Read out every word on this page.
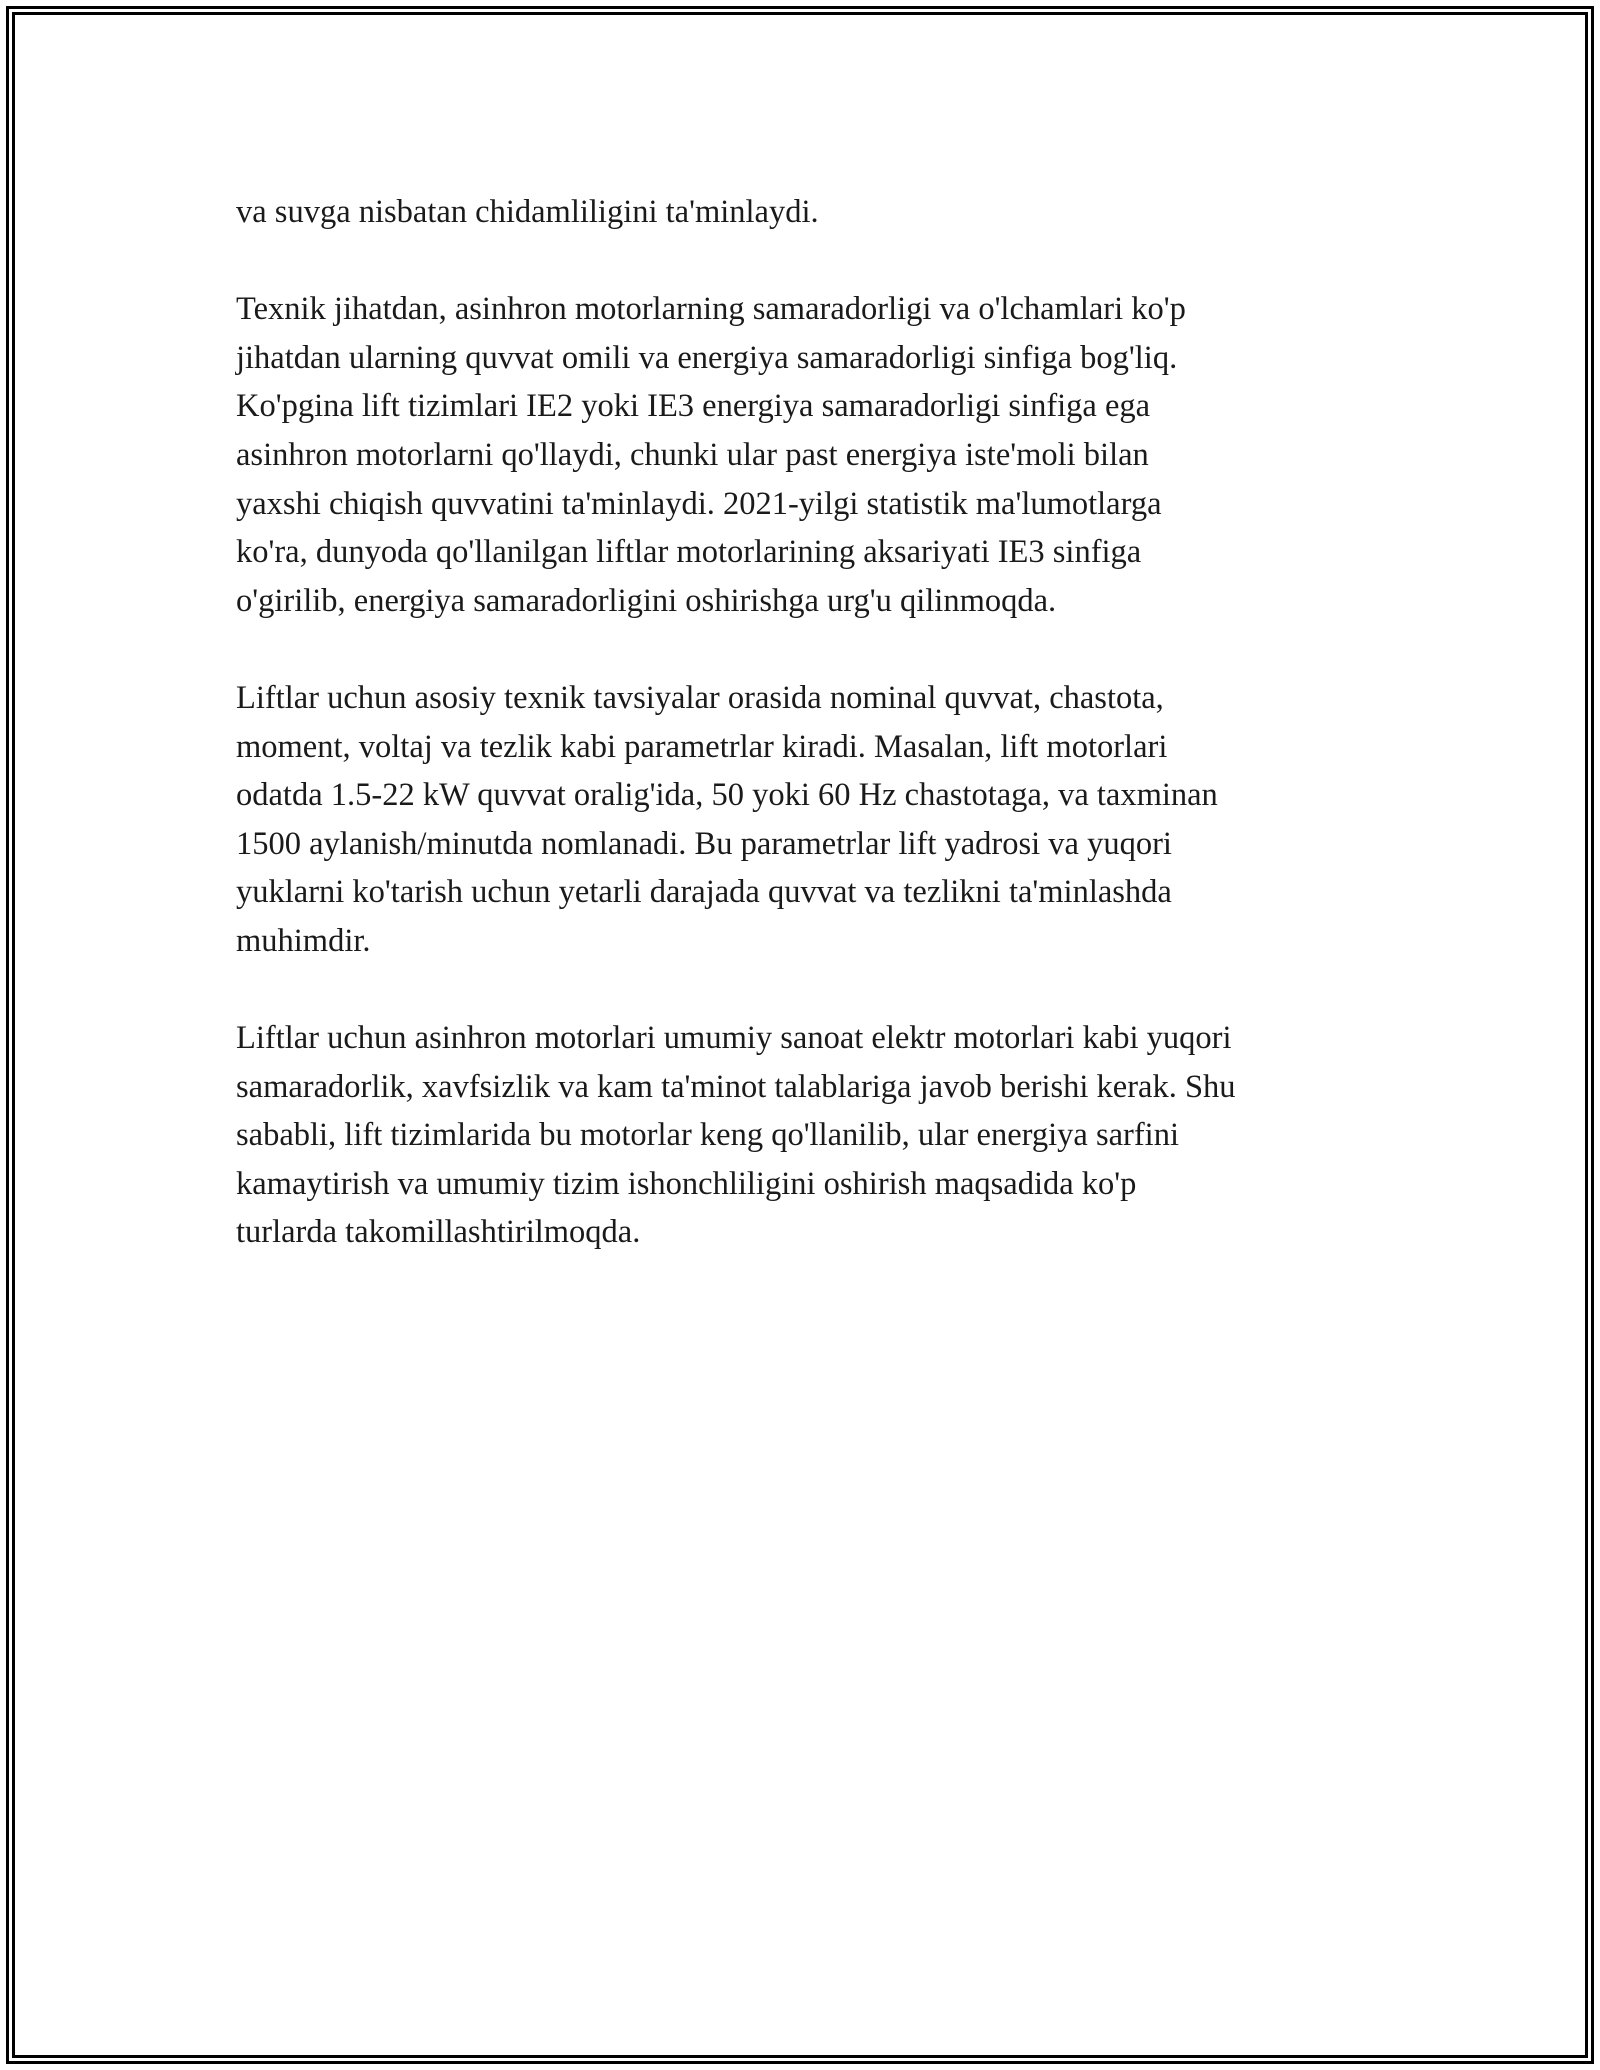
va suvga nisbatan chidamliligini ta'minlaydi.

Texnik jihatdan, asinhron motorlarning samaradorligi va o'lchamlari ko'p
jihatdan ularning quvvat omili va energiya samaradorligi sinfiga bog'liq.
Ko'pgina lift tizimlari IE2 yoki IE3 energiya samaradorligi sinfiga ega
asinhron motorlarni qo'llaydi, chunki ular past energiya iste'moli bilan
yaxshi chiqish quvvatini ta'minlaydi. 2021-yilgi statistik ma'lumotlarga
ko'ra, dunyoda qo'llanilgan liftlar motorlarining aksariyati IE3 sinfiga
o'girilib, energiya samaradorligini oshirishga urg'u qilinmoqda.

Liftlar uchun asosiy texnik tavsiyalar orasida nominal quvvat, chastota,
moment, voltaj va tezlik kabi parametrlar kiradi. Masalan, lift motorlari
odatda 1.5-22 kW quvvat oralig'ida, 50 yoki 60 Hz chastotaga, va taxminan
1500 aylanish/minutda nomlanadi. Bu parametrlar lift yadrosi va yuqori
yuklarni ko'tarish uchun yetarli darajada quvvat va tezlikni ta'minlashda
muhimdir.

Liftlar uchun asinhron motorlari umumiy sanoat elektr motorlari kabi yuqori
samaradorlik, xavfsizlik va kam ta'minot talablariga javob berishi kerak. Shu
sababli, lift tizimlarida bu motorlar keng qo'llanilib, ular energiya sarfini
kamaytirish va umumiy tizim ishonchliligini oshirish maqsadida ko'p
turlarda takomillashtirilmoqda.
